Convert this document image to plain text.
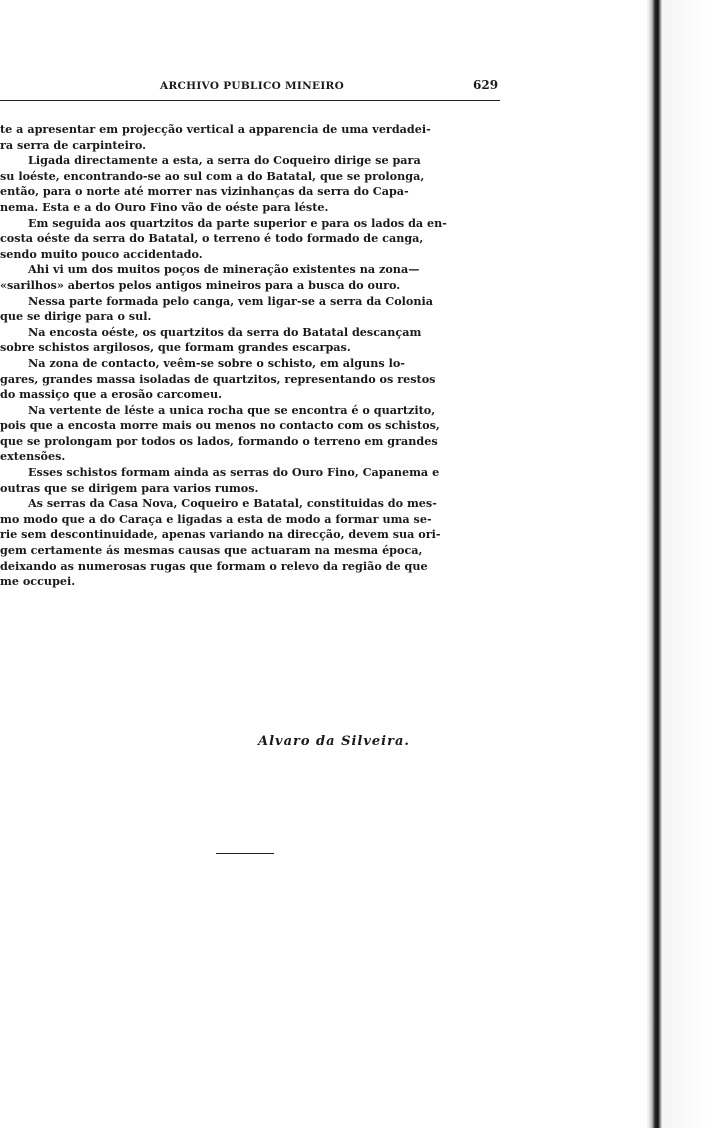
ARCHIVO PUBLICO MINEIRO	629

te a apresentar em projecção vertical a apparencia de uma verdadei-
ra serra de carpinteiro.

Ligada directamente a esta, a serra do Coqueiro dirige se para
su loéste, encontrando-se ao sul com a do Batatal, que se prolonga,
então, para o norte até morrer nas vizinhanças da serra do Capa-
nema. Esta e a do Ouro Fino vão de oéste para léste.

Em seguida aos quartzitos da parte superior e para os lados da en-
costa oéste da serra do Batatal, o terreno é todo formado de canga,
sendo muito pouco accidentado.

Ahi vi um dos muitos poços de mineração existentes na zona—
«sarilhos» abertos pelos antigos mineiros para a busca do ouro.

Nessa parte formada pelo canga, vem ligar-se a serra da Colonia
que se dirige para o sul.

Na encosta oéste, os quartzitos da serra do Batatal descançam
sobre schistos argilosos, que formam grandes escarpas.

Na zona de contacto, veêm-se sobre o schisto, em alguns lo-
gares, grandes massa isoladas de quartzitos, representando os restos
do massiço que a erosão carcomeu.

Na vertente de léste a unica rocha que se encontra é o quartzito,
pois que a encosta morre mais ou menos no contacto com os schistos,
que se prolongam por todos os lados, formando o terreno em grandes
extensões.

Esses schistos formam ainda as serras do Ouro Fino, Capanema e
outras que se dirigem para varios rumos.

As serras da Casa Nova, Coqueiro e Batatal, constituidas do mes-
mo modo que a do Caraça e ligadas a esta de modo a formar uma se-
rie sem descontinuidade, apenas variando na direcção, devem sua ori-
gem certamente ás mesmas causas que actuaram na mesma época,
deixando as numerosas rugas que formam o relevo da região de que
me occupei.

Alvaro da Silveira.
